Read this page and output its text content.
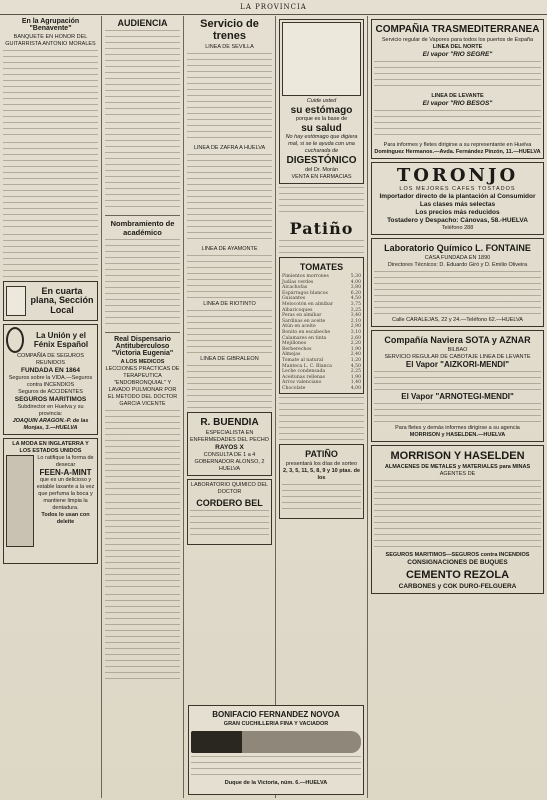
LA PROVINCIA
En la Agrupación "Benavente"
BANQUETE EN HONOR DEL GUITARRISTA ANTONIO MORALES
En cuarta plana, Sección Local
La Unión y el Fénix Español
COMPAÑÍA DE SEGUROS REUNIDOS
FUNDADA EN 1864
Seguros sobre la VIDA.—Seguros contra INCENDIOS
Seguros de ACCIDENTES
SEGUROS MARITIMOS
Subdirector en Huelva y su provincia:
JOAQUIN ARAGON.-P. de las Monjas, 3.—HUELVA
LA MODA EN INGLATERRA Y LOS ESTADOS UNIDOS
Lo ratifique la forma de desecar
FEEN-A-MINT
que es un delicioso y estable laxante a la vez que perfuma la boca y mantiene limpia la dentadura.
Todos lo usan con deleite
AUDIENCIA
Nombramiento de académico
Real Dispensario Antituberculoso "Victoria Eugenia"
A LOS MEDICOS
LECCIONES PRACTICAS DE TERAPEUTICA "ENDOBRONQUIAL" Y LAVADO PULMONAR POR EL METODO DEL DOCTOR GARCIA VICENTE
Servicio de trenes
LINEA DE SEVILLA
LINEA DE ZAFRA A HUELVA
LINEA DE AYAMONTE
LINEA DE RIOTINTO
LINEA DE GIBRALEON
R. BUENDIA
ESPECIALISTA EN ENFERMEDADES DEL PECHO
RAYOS X
CONSULTA DE 1 a 4
GOBERNADOR ALONSO, 2
HUELVA
LABORATORIO QUIMICO DEL DOCTOR
CORDERO BEL
Cuide usted
su estómago
porque es la base de
su salud
No hay estómago que digiera mal, si se le ayuda con una cucharada de
DIGESTÓNICO
del Dr. Morán
VENTA EN FARMACIAS
Patiño
TOMATES
Pimientos morrones	5,30
Judías verdes	4,00
Alcachofas	3,80
Espárragos blancos	6,20
Guisantes	4,50
Melocotón en almíbar	3,75
Albaricoques	3,25
Peras en almíbar	3,40
Sardinas en aceite	2,10
Atún en aceite	2,90
Bonito en escabeche	3,10
Calamares en tinta	2,60
Mejillones	2,20
Berberechos	1,90
Almejas	2,40
Tomate al natural	1,20
Manteca L. C. Blanca	4,50
Leche condensada	2,25
Aceitunas rellenas	1,90
Arroz valenciano	1,40
Chocolate	4,00
PATIÑO
presentará los días de sorteo
2, 3, 5, 11, 5, 8, 9 y 10 ptas. de los
COMPAÑIA TRASMEDITERRANEA
Servicio regular de Vapores para todos los puertos de España
LINEA DEL NORTE
El vapor "RIO SEGRE"
LINEA DE LEVANTE
El vapor "RIO BESOS"
Para informes y fletes dirigirse a su representante en Huelva
Domínguez Hermanos.—Avda. Fernández Pinzón, 11.—HUELVA
TORONJO
LOS MEJORES CAFES TOSTADOS
Importador directo de la plantación al Consumidor
Las clases más selectas
Los precios más reducidos
Tostadero y Despacho: Cánovas, 58.-HUELVA
Teléfono 288
Laboratorio Químico L. FONTAINE
CASA FUNDADA EN 1890
Directores Técnicos: D. Eduardo Giró y D. Emilio Oliveira
Calle CARALEJAS, 22 y 24.—Teléfono 62.—HUELVA
Compañía Naviera SOTA y AZNAR
BILBAO
SERVICIO REGULAR DE CABOTAJE LINEA DE LEVANTE
El Vapor "AIZKORI-MENDI"
El Vapor "ARNOTEGI-MENDI"
Para fletes y demás informes dirigirse a su agencia
MORRISON y HASELDEN.—HUELVA
MORRISON Y HASELDEN
ALMACENES DE METALES y MATERIALES para MINAS
AGENTES DE
SEGUROS MARITIMOS—SEGUROS contra INCENDIOS
CONSIGNACIONES DE BUQUES
CEMENTO REZOLA
CARBONES y COK DURO-FELGUERA
BONIFACIO FERNANDEZ NOVOA
GRAN CUCHILLERIA FINA Y VACIADOR
Duque de la Victoria, núm. 6.—HUELVA
